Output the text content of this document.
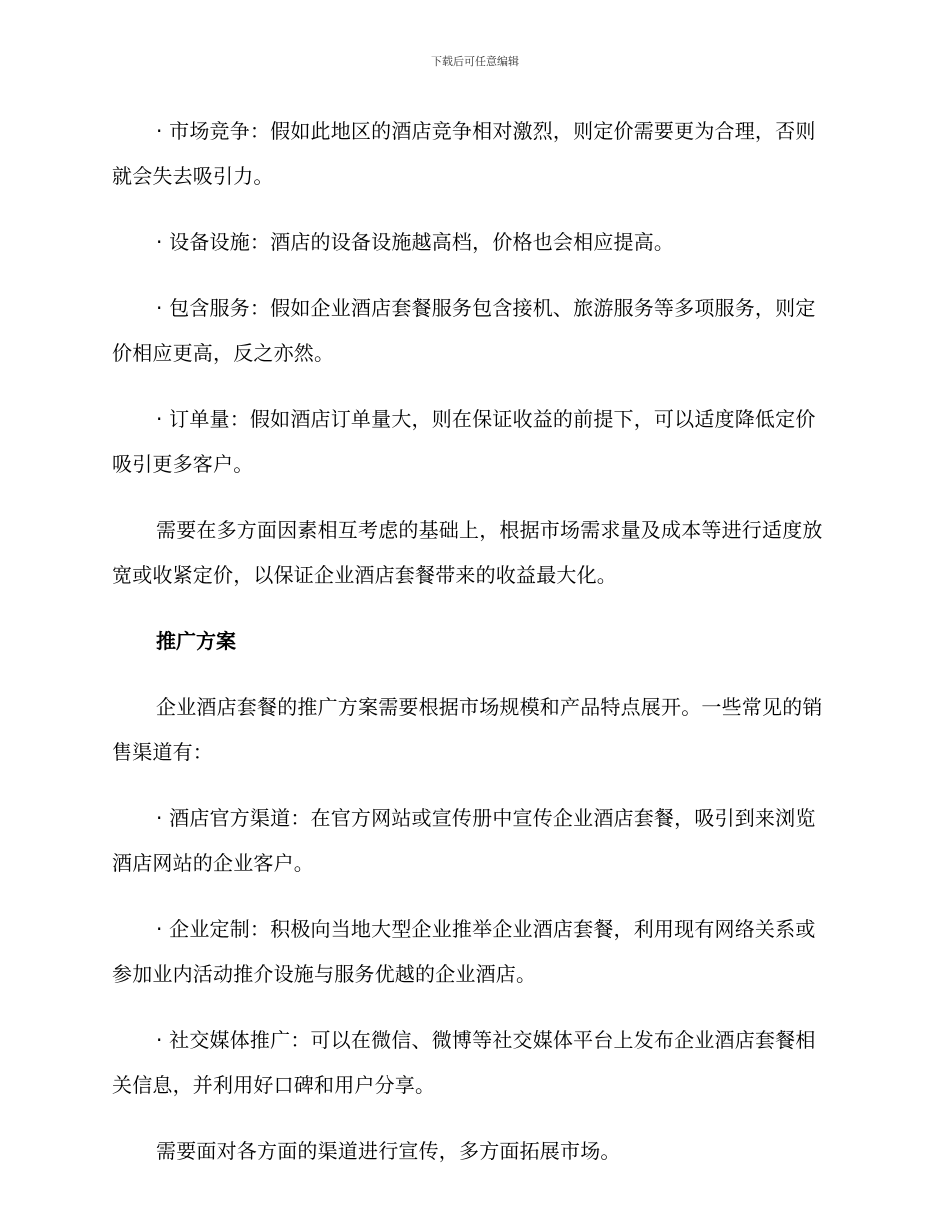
下载后可任意编辑

· 市场竞争：假如此地区的酒店竞争相对激烈，则定价需要更为合理，否则就会失去吸引力。

· 设备设施：酒店的设备设施越高档，价格也会相应提高。

· 包含服务：假如企业酒店套餐服务包含接机、旅游服务等多项服务，则定价相应更高，反之亦然。

· 订单量：假如酒店订单量大，则在保证收益的前提下，可以适度降低定价吸引更多客户。

需要在多方面因素相互考虑的基础上，根据市场需求量及成本等进行适度放宽或收紧定价，以保证企业酒店套餐带来的收益最大化。

推广方案

企业酒店套餐的推广方案需要根据市场规模和产品特点展开。一些常见的销售渠道有：

· 酒店官方渠道：在官方网站或宣传册中宣传企业酒店套餐，吸引到来浏览酒店网站的企业客户。

· 企业定制：积极向当地大型企业推举企业酒店套餐，利用现有网络关系或参加业内活动推介设施与服务优越的企业酒店。

· 社交媒体推广：可以在微信、微博等社交媒体平台上发布企业酒店套餐相关信息，并利用好口碑和用户分享。

需要面对各方面的渠道进行宣传，多方面拓展市场。
